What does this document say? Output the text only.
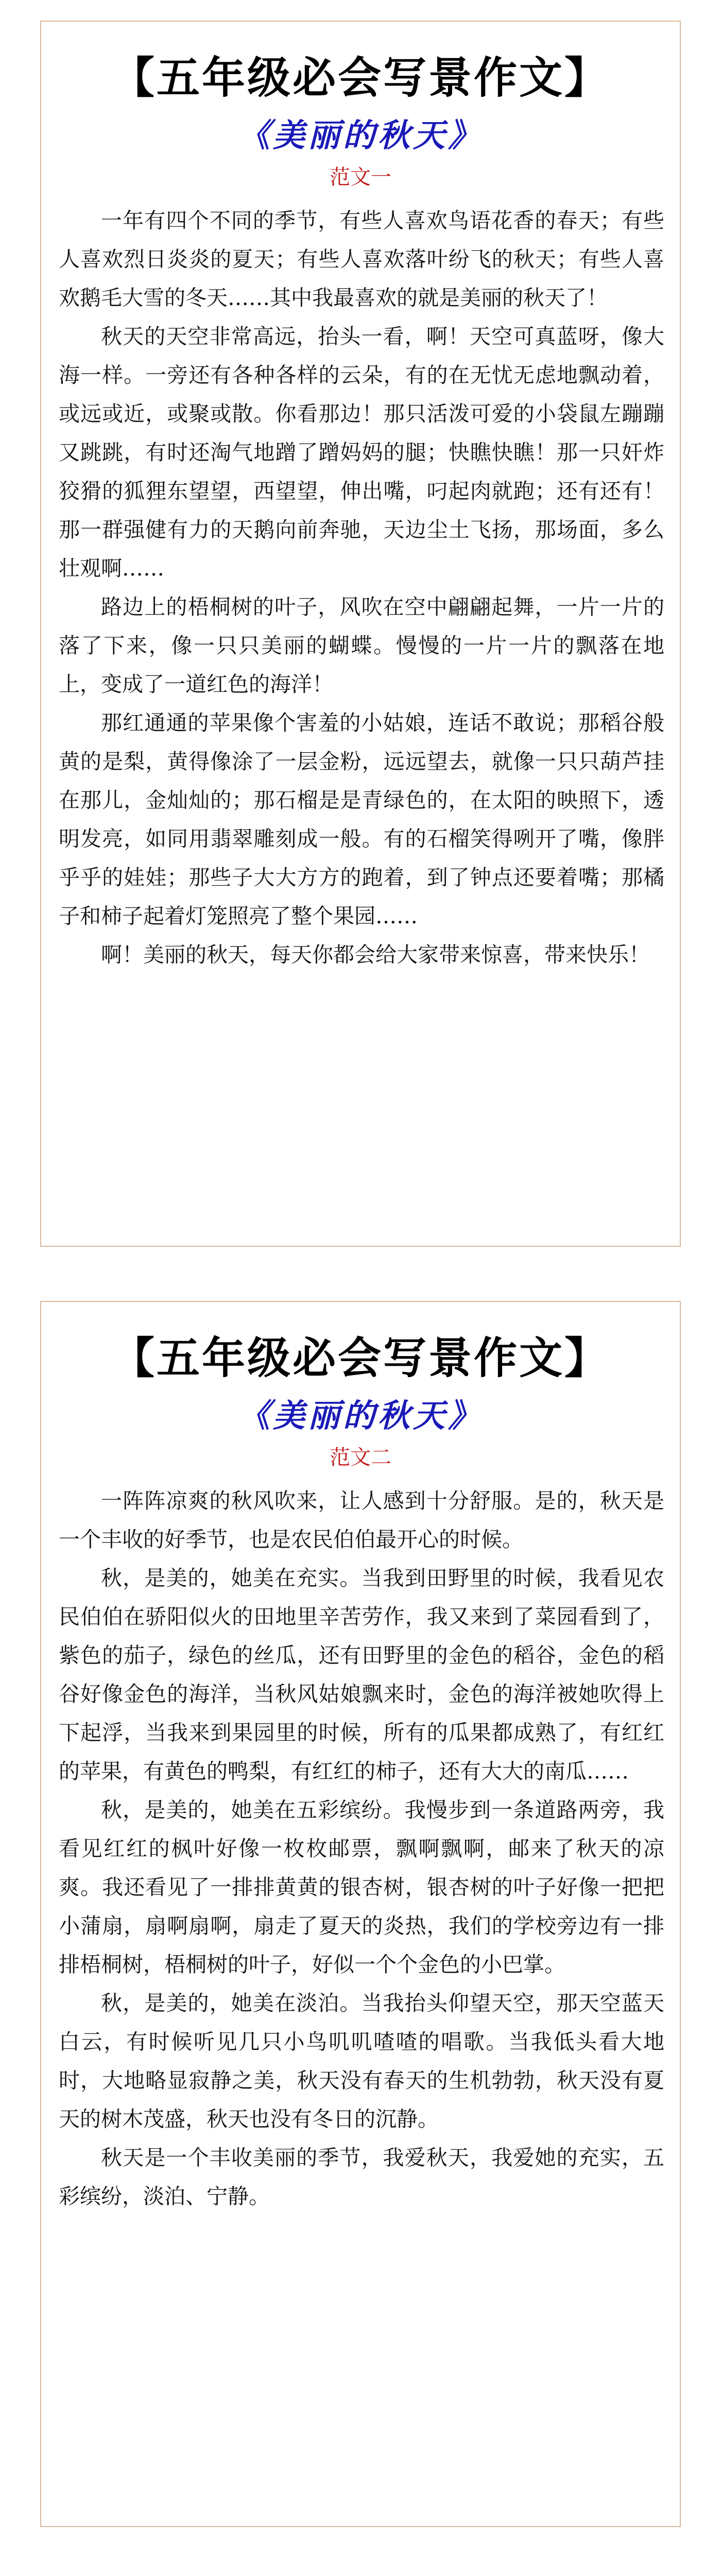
【五年级必会写景作文】
《美丽的秋天》
范文一

一年有四个不同的季节，有些人喜欢鸟语花香的春天；有些人喜欢烈日炎炎的夏天；有些人喜欢落叶纷飞的秋天；有些人喜欢鹅毛大雪的冬天……其中我最喜欢的就是美丽的秋天了！

秋天的天空非常高远，抬头一看，啊！天空可真蓝呀，像大海一样。一旁还有各种各样的云朵，有的在无忧无虑地飘动着，或远或近，或聚或散。你看那边！那只活泼可爱的小袋鼠左蹦蹦又跳跳，有时还淘气地蹭了蹭妈妈的腿；快瞧快瞧！那一只奸炸狡猾的狐狸东望望，西望望，伸出嘴，叼起肉就跑；还有还有！那一群强健有力的天鹅向前奔驰，天边尘土飞扬，那场面，多么壮观啊……

路边上的梧桐树的叶子，风吹在空中翩翩起舞，一片一片的落了下来，像一只只美丽的蝴蝶。慢慢的一片一片的飘落在地上，变成了一道红色的海洋！

那红通通的苹果像个害羞的小姑娘，连话不敢说；那稻谷般黄的是梨，黄得像涂了一层金粉，远远望去，就像一只只葫芦挂在那儿，金灿灿的；那石榴是是青绿色的，在太阳的映照下，透明发亮，如同用翡翠雕刻成一般。有的石榴笑得咧开了嘴，像胖乎乎的娃娃；那些子大大方方的跑着，到了钟点还要着嘴；那橘子和柿子起着灯笼照亮了整个果园……

啊！美丽的秋天，每天你都会给大家带来惊喜，带来快乐！

【五年级必会写景作文】
《美丽的秋天》
范文二

一阵阵凉爽的秋风吹来，让人感到十分舒服。是的，秋天是一个丰收的好季节，也是农民伯伯最开心的时候。

秋，是美的，她美在充实。当我到田野里的时候，我看见农民伯伯在骄阳似火的田地里辛苦劳作，我又来到了菜园看到了，紫色的茄子，绿色的丝瓜，还有田野里的金色的稻谷，金色的稻谷好像金色的海洋，当秋风姑娘飘来时，金色的海洋被她吹得上下起浮，当我来到果园里的时候，所有的瓜果都成熟了，有红红的苹果，有黄色的鸭梨，有红红的柿子，还有大大的南瓜……

秋，是美的，她美在五彩缤纷。我慢步到一条道路两旁，我看见红红的枫叶好像一枚枚邮票，飘啊飘啊，邮来了秋天的凉爽。我还看见了一排排黄黄的银杏树，银杏树的叶子好像一把把小蒲扇，扇啊扇啊，扇走了夏天的炎热，我们的学校旁边有一排排梧桐树，梧桐树的叶子，好似一个个金色的小巴掌。

秋，是美的，她美在淡泊。当我抬头仰望天空，那天空蓝天白云，有时候听见几只小鸟叽叽喳喳的唱歌。当我低头看大地时，大地略显寂静之美，秋天没有春天的生机勃勃，秋天没有夏天的树木茂盛，秋天也没有冬日的沉静。

秋天是一个丰收美丽的季节，我爱秋天，我爱她的充实，五彩缤纷，淡泊、宁静。
